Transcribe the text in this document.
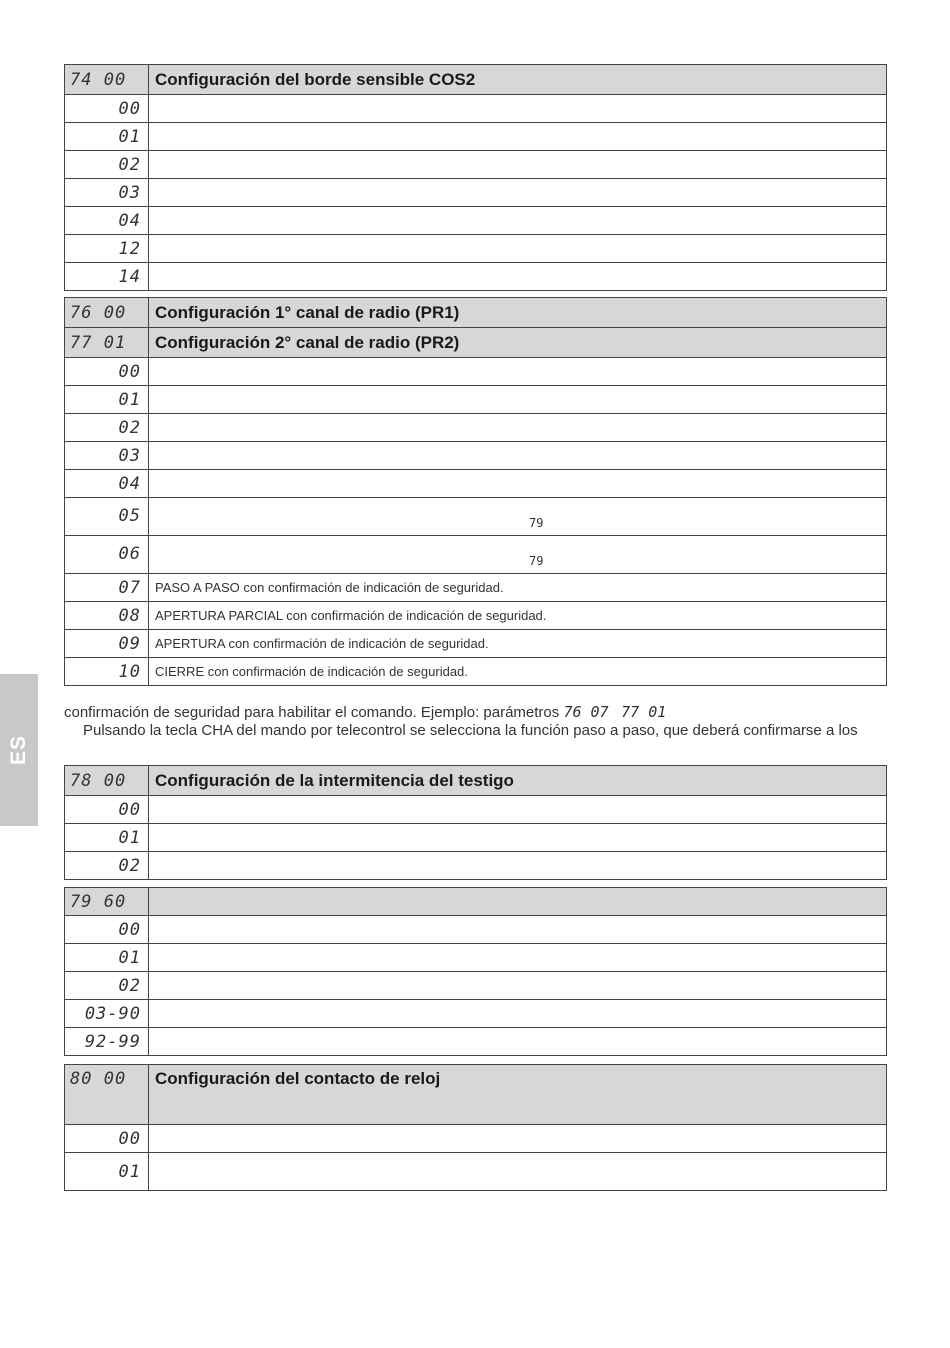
ES
74 00	Configuración del borde sensible COS2
00	
01	
02	
03	
04	
12	
14	
76 00	Configuración 1° canal de radio (PR1)
77 01	Configuración 2° canal de radio (PR2)
00	
01	
02	
03	
04	
05	79

06	79

07	PASO A PASO con confirmación de indicación de seguridad.
08	APERTURA PARCIAL con confirmación de indicación de seguridad.
09	APERTURA con confirmación de indicación de seguridad.
10	CIERRE con confirmación de indicación de seguridad.
confirmación de seguridad para habilitar el comando. Ejemplo: parámetros 76 07 77 01
Pulsando la tecla CHA del mando por telecontrol se selecciona la función paso a paso, que deberá confirmarse a los
78 00	Configuración de la intermitencia del testigo
00	
01	
02	
79 60	
00	
01	
02	
03-90	
92-99	
80 00	Configuración del contacto de reloj
00	
01	
